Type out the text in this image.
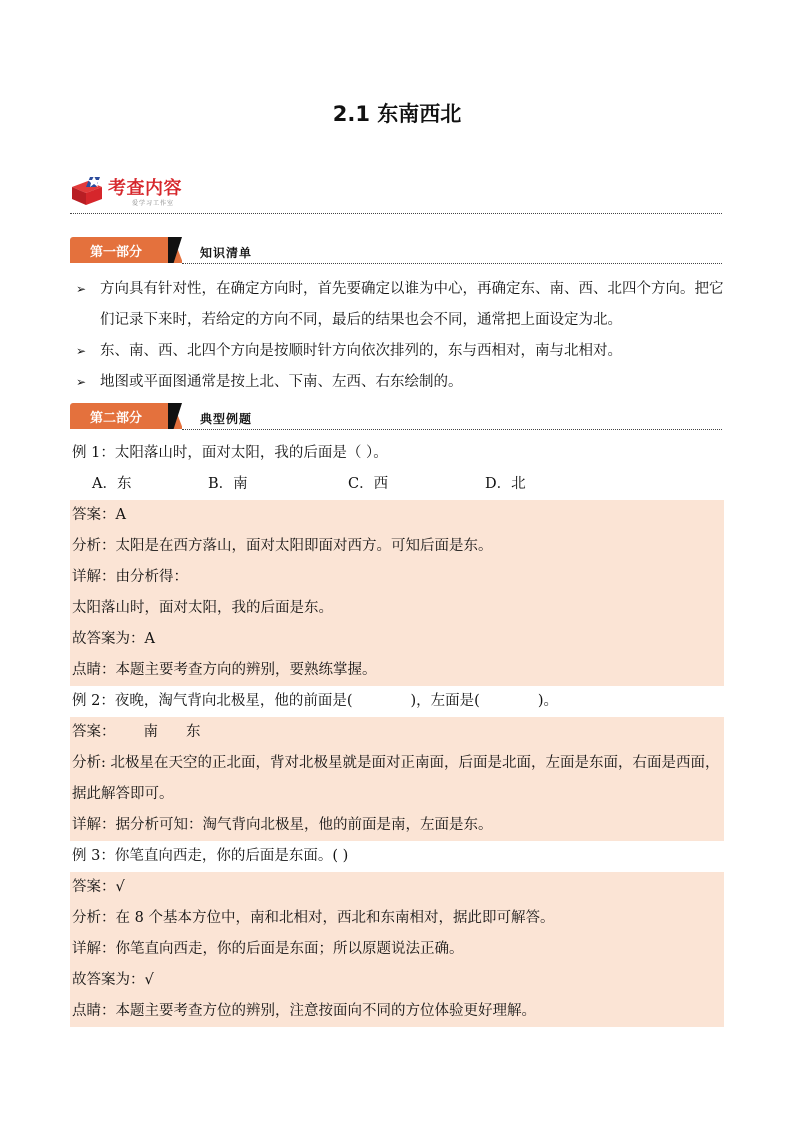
2.1 东南西北
考查内容
爱学习工作室
第一部分	知识清单
➢ 方向具有针对性，在确定方向时，首先要确定以谁为中心，再确定东、南、西、北四个方向。把它们记录下来时，若给定的方向不同，最后的结果也会不同，通常把上面设定为北。
➢ 东、南、西、北四个方向是按顺时针方向依次排列的，东与西相对，南与北相对。
➢ 地图或平面图通常是按上北、下南、左西、右东绘制的。
第二部分	典型例题
例 1：太阳落山时，面对太阳，我的后面是（ ）。
A．东	B．南	C．西	D．北
答案：A
分析：太阳是在西方落山，面对太阳即面对西方。可知后面是东。
详解：由分析得：
太阳落山时，面对太阳，我的后面是东。
故答案为：A
点睛：本题主要考查方向的辨别，要熟练掌握。
例 2：夜晚，淘气背向北极星，他的前面是(	)，左面是(	)。
答案： 南 东
分析: 北极星在天空的正北面，背对北极星就是面对正南面，后面是北面，左面是东面，右面是西面，据此解答即可。
详解：据分析可知：淘气背向北极星，他的前面是南，左面是东。
例 3：你笔直向西走，你的后面是东面。( )
答案：√
分析：在 8 个基本方位中，南和北相对，西北和东南相对，据此即可解答。
详解：你笔直向西走，你的后面是东面；所以原题说法正确。
故答案为：√
点睛：本题主要考查方位的辨别，注意按面向不同的方位体验更好理解。
